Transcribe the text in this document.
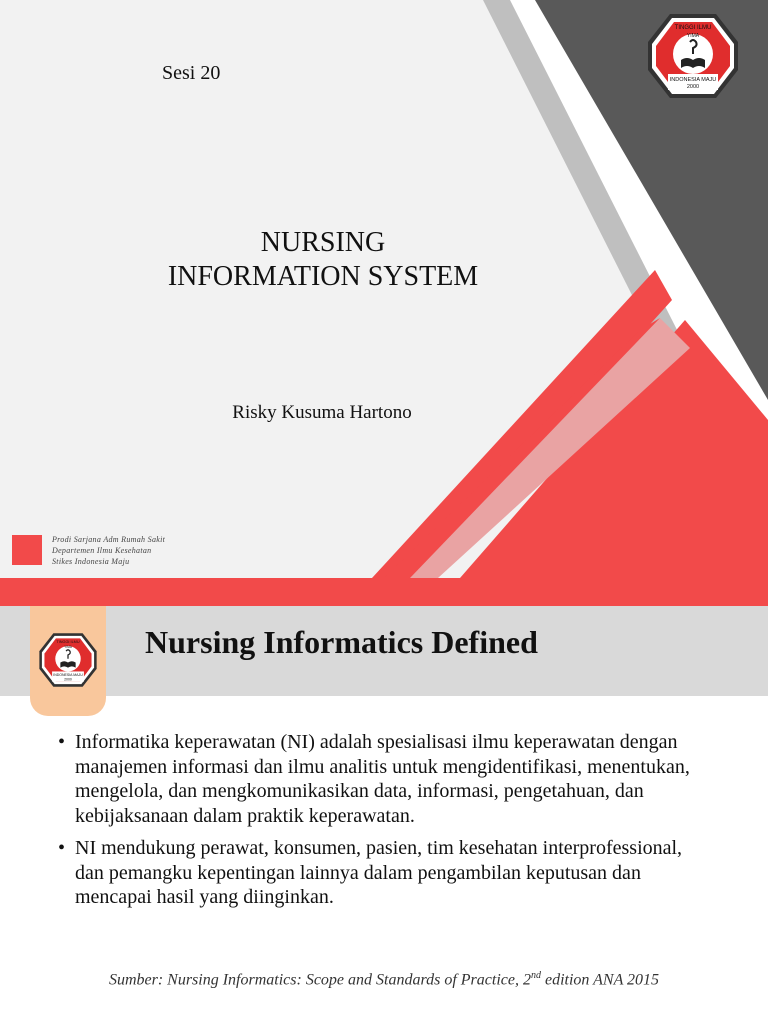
Sesi 20
NURSING
INFORMATION SYSTEM
Risky Kusuma Hartono
Prodi Sarjana Adm Rumah Sakit
Departemen Ilmu Kesehatan
Stikes Indonesia Maju
TINGGI ILMU
YIMA
INDONESIA MAJU
2000
TINGGI ILMU
YIMA
INDONESIA MAJU
2000
Nursing Informatics Defined
• Informatika keperawatan (NI) adalah spesialisasi ilmu keperawatan dengan manajemen informasi dan ilmu analitis untuk mengidentifikasi, menentukan, mengelola, dan mengkomunikasikan data, informasi, pengetahuan, dan kebijaksanaan dalam praktik keperawatan.
• NI mendukung perawat, konsumen, pasien, tim kesehatan interprofessional, dan pemangku kepentingan lainnya dalam pengambilan keputusan dan mencapai hasil yang diinginkan.
Sumber: Nursing Informatics: Scope and Standards of Practice, 2nd edition ANA 2015
